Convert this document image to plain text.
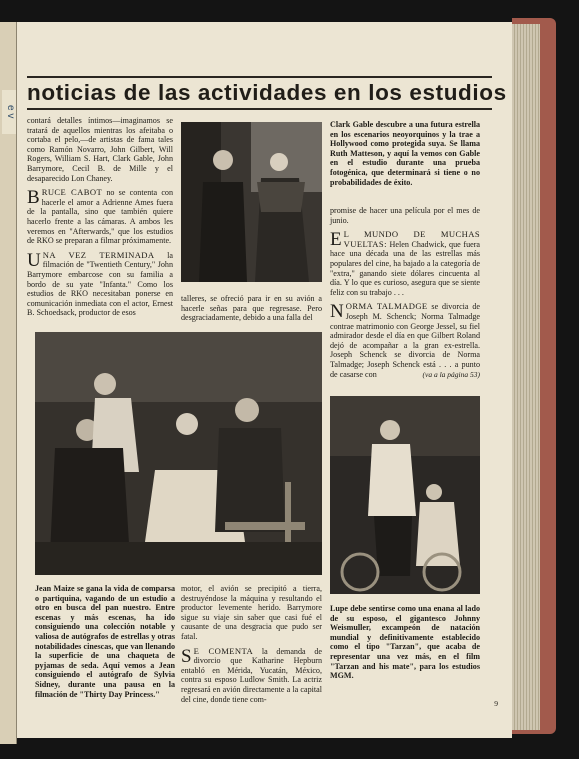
e v
noticias de las actividades en los estudios

contará detalles íntimos—imaginamos se tratará de aquellos mientras los afeitaba o cortaba el pelo,—de artistas de fama tales como Ramón Novarro, John Gilbert, Will Rogers, William S. Hart, Clark Gable, John Barrymore, Cecil B. de Mille y el desaparecido Lon Chaney.

BRUCE CABOT no se contenta con hacerle el amor a Adrienne Ames fuera de la pantalla, sino que también quiere hacerlo frente a las cámaras. A ambos les veremos en "Afterwards," que los estudios de RKO se preparan a filmar próximamente.

UNA VEZ TERMINADA la filmación de "Twentieth Century," John Barrymore embarcose con su familia a bordo de su yate "Infanta." Como los estudios de RKO necesitaban ponerse en comunicación inmediata con el actor, Ernest B. Schoedsack, productor de esos

talleres, se ofreció para ir en su avión a hacerle señas para que regresase. Pero desgraciadamente, debido a una falla del

Clark Gable descubre a una futura estrella en los escenarios neoyorquinos y la trae a Hollywood como protegida suya. Se llama Ruth Matteson, y aquí la vemos con Gable en el estudio durante una prueba fotogénica, que determinará si tiene o no probabilidades de éxito.

promise de hacer una película por el mes de junio.

E L MUNDO DE MUCHAS VUELTAS: Helen Chadwick, que fuera hace una década una de las estrellas más populares del cine, ha bajado a la categoría de "extra," ganando siete dólares cincuenta al día. Y lo que es curioso, asegura que se siente feliz con su trabajo . . .

NORMA TALMADGE se divorcia de Joseph M. Schenck; Norma Talmadge contrae matrimonio con George Jessel, su fiel admirador desde el día en que Gilbert Roland dejó de acompañar a la gran ex-estrella. Joseph Schenck se divorcia de Norma Talmadge; Joseph Schenck está . . . a punto de casarse con	(va a la página 53)

Jean Maize se gana la vida de comparsa o partiquina, vagando de un estudio a otro en busca del pan nuestro. Entre escenas y más escenas, ha ido consiguiendo una colección notable y valiosa de autógrafos de estrellas y otras notabilidades cinescas, que van llenando la superficie de una chaqueta de pyjamas de seda. Aquí vemos a Jean consiguiendo el autógrafo de Sylvia Sidney, durante una pausa en la filmación de "Thirty Day Princess."

motor, el avión se precipitó a tierra, destruyéndose la máquina y resultando el productor levemente herido. Barrymore sigue su viaje sin saber que casi fué el causante de una desgracia que pudo ser fatal.

S E COMENTA la demanda de divorcio que Katharine Hepburn entabló en Mérida, Yucatán, México, contra su esposo Ludlow Smith. La actriz regresará en avión directamente a la capital del cine, donde tiene com-

Lupe debe sentirse como una enana al lado de su esposo, el gigantesco Johnny Weismuller, excampeón de natación mundial y definitivamente establecido como el tipo "Tarzan", que acaba de representar una vez más, en el film "Tarzan and his mate", para los estudios MGM.
9
